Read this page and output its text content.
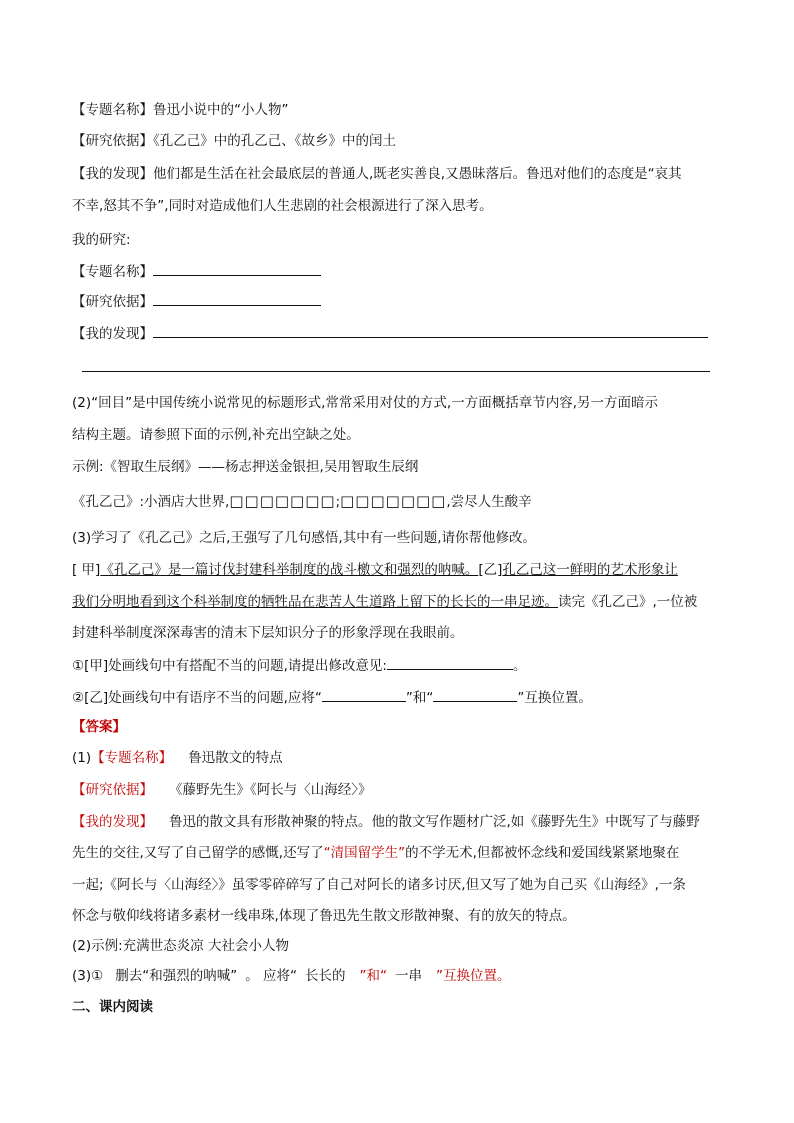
【专题名称】鲁迅小说中的“小人物”
【研究依据】《孔乙己》中的孔乙己、《故乡》中的闰土
【我的发现】他们都是生活在社会最底层的普通人,既老实善良,又愚昧落后。鲁迅对他们的态度是“哀其
不幸,怒其不争”,同时对造成他们人生悲剧的社会根源进行了深入思考。
我的研究:
【专题名称】
【研究依据】
【我的发现】
(2)“回目”是中国传统小说常见的标题形式,常常采用对仗的方式,一方面概括章节内容,另一方面暗示
结构主题。请参照下面的示例,补充出空缺之处。
示例:《智取生辰纲》——杨志押送金银担,吴用智取生辰纲
《孔乙己》:小酒店大世界,□□□□□□□;□□□□□□□,尝尽人生酸辛
(3)学习了《孔乙己》之后,王强写了几句感悟,其中有一些问题,请你帮他修改。
[ 甲]《孔乙己》是一篇讨伐封建科举制度的战斗檄文和强烈的呐喊。[乙]孔乙己这一鲜明的艺术形象让
我们分明地看到这个科举制度的牺牲品在悲苦人生道路上留下的长长的一串足迹。读完《孔乙己》,一位被
封建科举制度深深毒害的清末下层知识分子的形象浮现在我眼前。
①[甲]处画线句中有搭配不当的问题,请提出修改意见:	。
②[乙]处画线句中有语序不当的问题,应将“	”和“	”互换位置。
【答案】
(1)【专题名称】 鲁迅散文的特点
【研究依据】 《藤野先生》《阿长与〈山海经〉》
【我的发现】 鲁迅的散文具有形散神聚的特点。他的散文写作题材广泛,如《藤野先生》中既写了与藤野
先生的交往,又写了自己留学的感慨,还写了“清国留学生”的不学无术,但都被怀念线和爱国线紧紧地聚在
一起;《阿长与〈山海经〉》虽零零碎碎写了自己对阿长的诸多讨厌,但又写了她为自己买《山海经》,一条
怀念与敬仰线将诸多素材一线串珠,体现了鲁迅先生散文形散神聚、有的放矢的特点。
(2)示例:充满世态炎凉 大社会小人物
(3)① 删去“和强烈的呐喊” 。 应将“ 长长的 ”和“ 一串 ”互换位置。
二、课内阅读
